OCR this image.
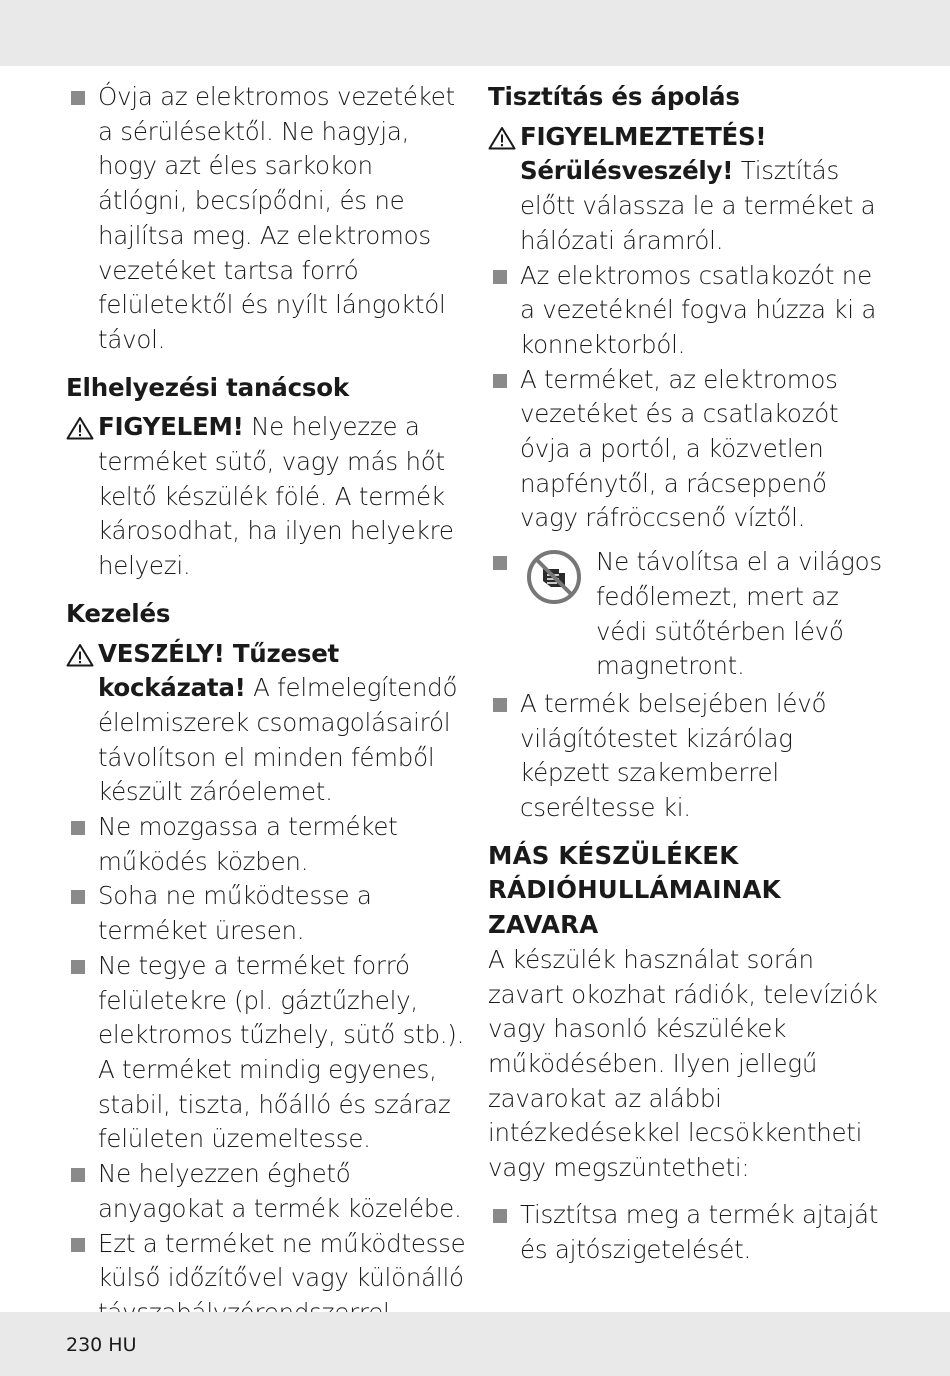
Óvja az elektromos vezetéket a sérülésektől. Ne hagyja, hogy azt éles sarkokon átlógni, becsípődni, és ne hajlítsa meg. Az elektromos vezetéket tartsa forró felületektől és nyílt lángoktól távol.

Elhelyezési tanácsok

FIGYELEM! Ne helyezze a terméket sütő, vagy más hőt keltő készülék fölé. A termék károsodhat, ha ilyen helyekre helyezi.

Kezelés

VESZÉLY! Tűzeset kockázata! A felmelegítendő élelmiszerek csomagolásairól távolítson el minden fémből készült záróelemet.

Ne mozgassa a terméket működés közben.

Soha ne működtesse a terméket üresen.

Ne tegye a terméket forró felületekre (pl. gáztűzhely, elektromos tűzhely, sütő stb.). A terméket mindig egyenes, stabil, tiszta, hőálló és száraz felületen üzemeltesse.

Ne helyezzen éghető anyagokat a termék közelébe.

Ezt a terméket ne működtesse külső időzítővel vagy különálló

Tisztítás és ápolás

FIGYELMEZTETÉS! Sérülésveszély! Tisztítás előtt válassza le a terméket a hálózati áramról.

Az elektromos csatlakozót ne a vezetéknél fogva húzza ki a konnektorból.

A terméket, az elektromos vezetéket és a csatlakozót óvja a portól, a közvetlen napfénytől, a rácseppenő vagy ráfröccsenő víztől.

Ne távolítsa el a világos fedőlemezt, mert az védi sütőtérben lévő magnetront.

A termék belsejében lévő világítótestet kizárólag képzett szakemberrel cseréltesse ki.

MÁS KÉSZÜLÉKEK RÁDIÓHULLÁMAINAK ZAVARA

A készülék használat során zavart okozhat rádiók, televíziók vagy hasonló készülékek működésében. Ilyen jellegű zavarokat az alábbi intézkedésekkel lecsökkentheti vagy megszüntetheti:

Tisztítsa meg a termék ajtaját és ajtószigetelését.

230 HU
